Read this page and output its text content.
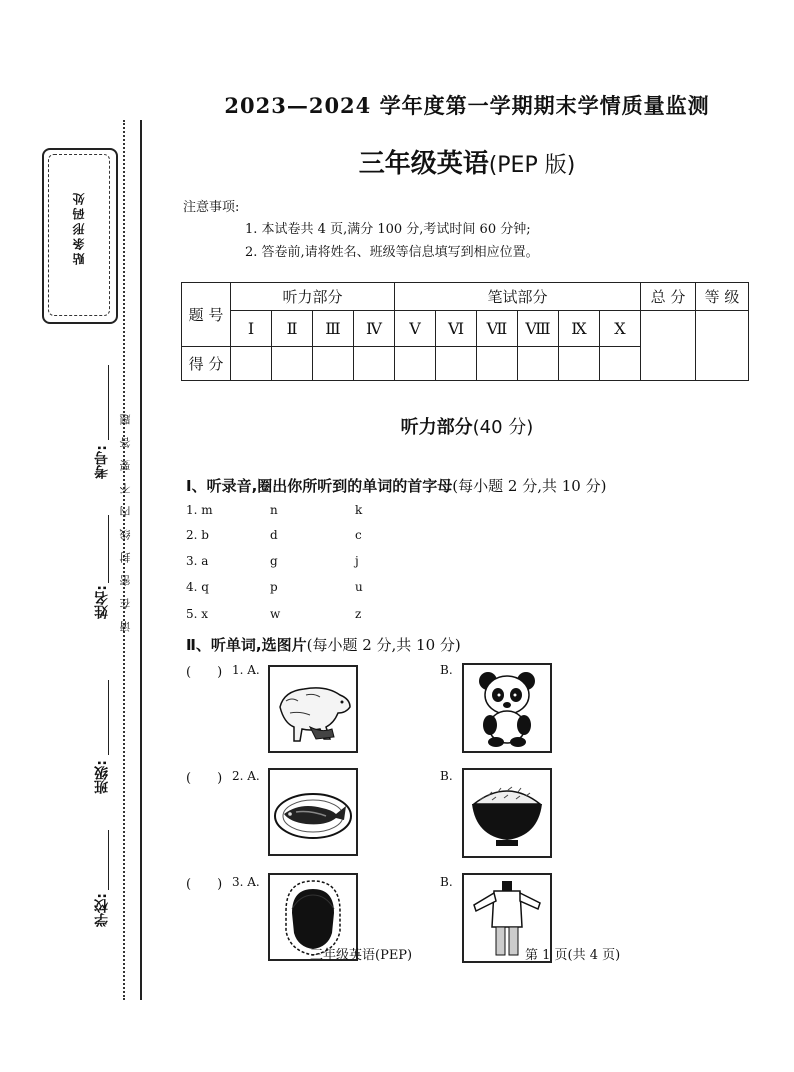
贴条形码处
请在密封线内不要答题
考号:
姓名:
班级:
学校:
2023—2024 学年度第一学期期末学情质量监测
三年级英语(PEP 版)
注意事项:
1. 本试卷共 4 页,满分 100 分,考试时间 60 分钟;
2. 答卷前,请将姓名、班级等信息填写到相应位置。
题 号	听力部分				笔试部分						总 分	等 级
	Ⅰ	Ⅱ	Ⅲ	Ⅳ	Ⅴ	Ⅵ	Ⅶ	Ⅷ	Ⅸ	Ⅹ		
得 分												
听力部分(40 分)
Ⅰ、听录音,圈出你所听到的单词的首字母(每小题 2 分,共 10 分)
1. m	n	k
2. b	d	c
3. a	g	j
4. q	p	u
5. x	w	z
Ⅱ、听单词,选图片(每小题 2 分,共 10 分)
(　　) 1. A.	B.
(　　) 2. A.	B.
(　　) 3. A.	B.
三年级英语(PEP)	第 1 页(共 4 页)
